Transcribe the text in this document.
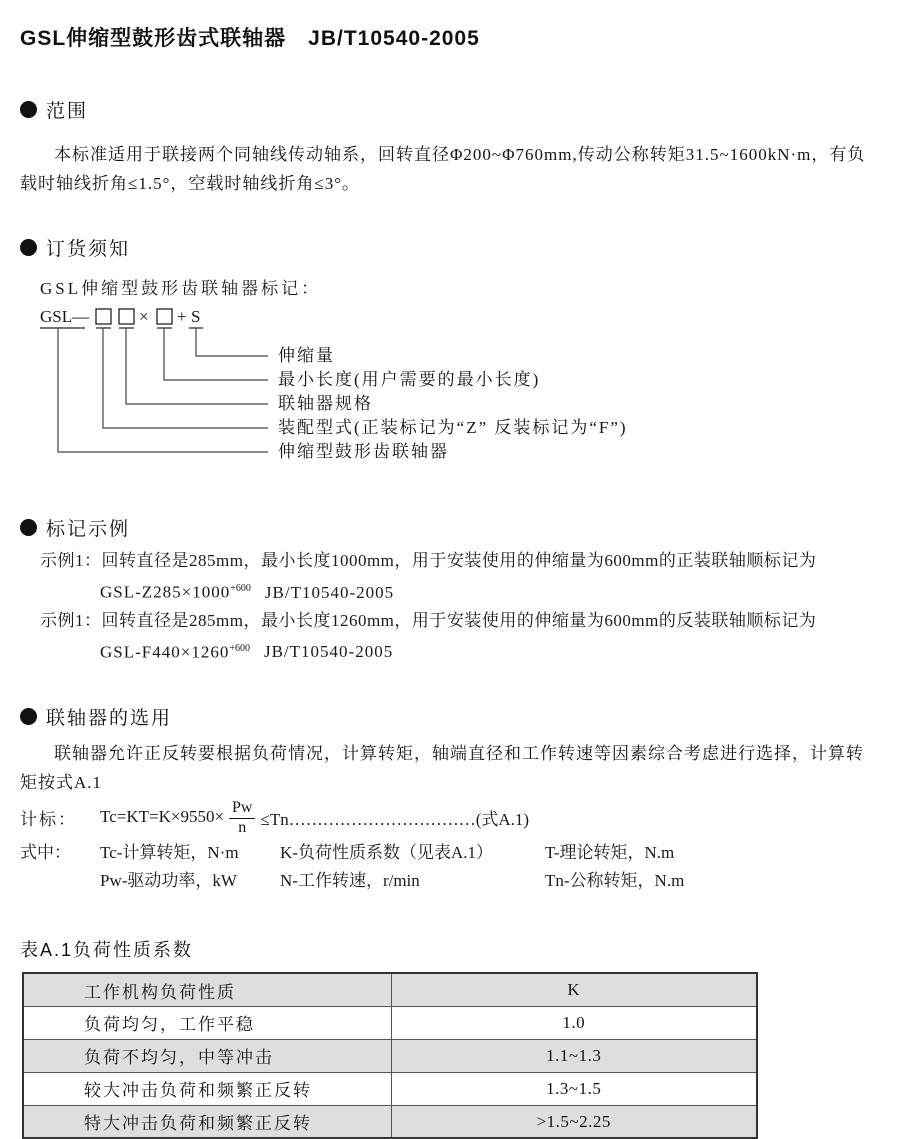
GSL伸缩型鼓形齿式联轴器　JB/T10540-2005
范围
本标准适用于联接两个同轴线传动轴系，回转直径Φ200~Φ760mm,传动公称转矩31.5~1600kN·m，有负载时轴线折角≤1.5°，空载时轴线折角≤3°。
订货须知
GSL伸缩型鼓形齿联轴器标记：
GSL—	× + S
伸缩量
最小长度(用户需要的最小长度)
联轴器规格
装配型式(正装标记为“Z” 反装标记为“F”)
伸缩型鼓形齿联轴器
标记示例
示例1：回转直径是285mm，最小长度1000mm，用于安装使用的伸缩量为600mm的正装联轴顺标记为
GSL-$Z285\times 1000^{+600}$ JB/T10540-2005
示例1：回转直径是285mm，最小长度1260mm，用于安装使用的伸缩量为600mm的反装联轴顺标记为
GSL-$F440\times 1260^{+600}$ JB/T10540-2005
联轴器的选用
联轴器允许正反转要根据负荷情况，计算转矩，轴端直径和工作转速等因素综合考虑进行选择，计算转矩按式A.1
计标：	$Tc=KT=K\times 9550\times \frac{Pw}{n}$ ≤Tn……………………………(式A.1)
式中：	Tc-计算转矩，N·m	K-负荷性质系数（见表A.1）	T-理论转矩，N.m
Pw-驱动功率，kW	N-工作转速，r/min	Tn-公称转矩，N.m
表A.1负荷性质系数
工作机构负荷性质	K
负荷均匀，工作平稳	1.0
负荷不均匀，中等冲击	1.1~1.3
较大冲击负荷和频繁正反转	1.3~1.5
特大冲击负荷和频繁正反转	>1.5~2.25
